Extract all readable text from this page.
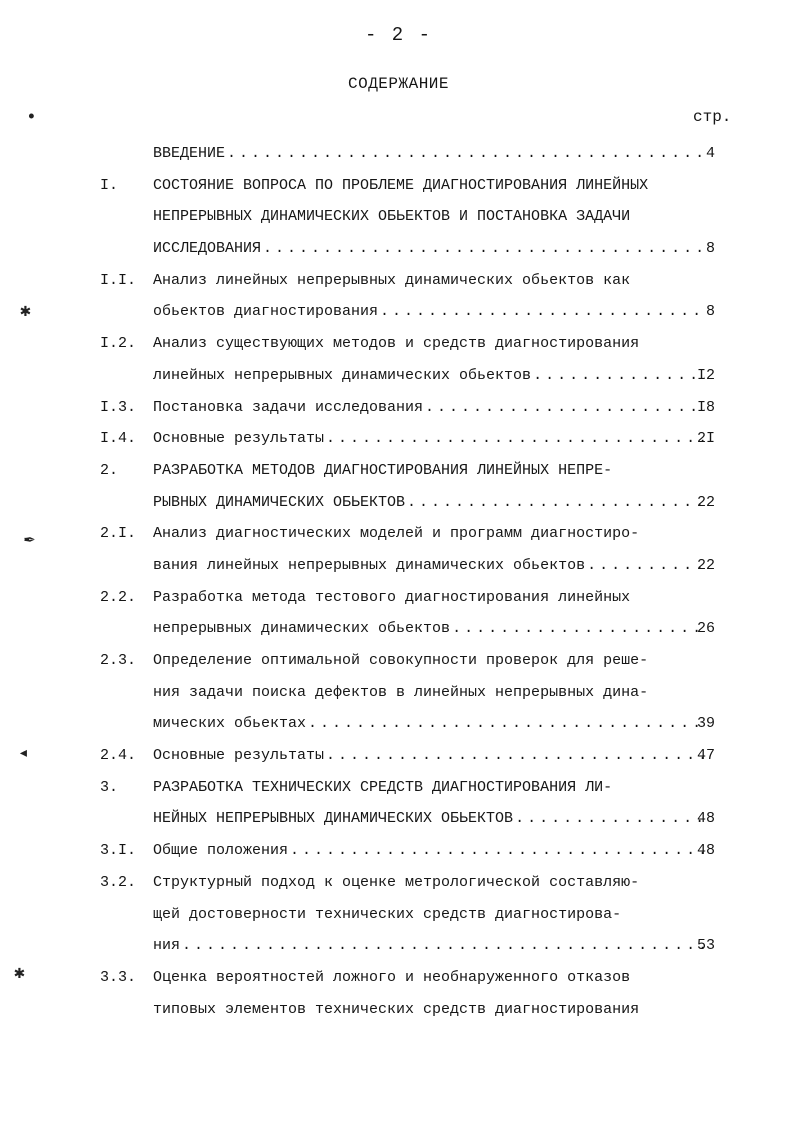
- 2 -
СОДЕРЖАНИЕ
стр.
ВВЕДЕНИЕ .....	4
I.	СОСТОЯНИЕ ВОПРОСА ПО ПРОБЛЕМЕ ДИАГНОСТИРОВАНИЯ ЛИНЕЙНЫХ
НЕПРЕРЫВНЫХ ДИНАМИЧЕСКИХ ОБЬЕКТОВ И ПОСТАНОВКА ЗАДАЧИ
ИССЛЕДОВАНИЯ .....	8
I.I.	Анализ линейных непрерывных динамических обьектов как
обьектов диагностирования .....	8
I.2.	Анализ существующих методов и средств диагностирования
линейных непрерывных динамических обьектов .....	I2
I.3.	Постановка задачи исследования .....	I8
I.4.	Основные результаты .....	2I
2.	РАЗРАБОТКА МЕТОДОВ ДИАГНОСТИРОВАНИЯ ЛИНЕЙНЫХ НЕПРЕ-
РЫВНЫХ ДИНАМИЧЕСКИХ ОБЬЕКТОВ .....	22
2.I.	Анализ диагностических моделей и программ диагностиро-
вания линейных непрерывных динамических обьектов .....	22
2.2.	Разработка метода тестового диагностирования линейных
непрерывных динамических обьектов .....	26
2.3.	Определение оптимальной совокупности проверок для реше-
ния задачи поиска дефектов в линейных непрерывных дина-
мических обьектах .....	39
2.4.	Основные результаты .....	47
3.	РАЗРАБОТКА ТЕХНИЧЕСКИХ СРЕДСТВ ДИАГНОСТИРОВАНИЯ ЛИ-
НЕЙНЫХ НЕПРЕРЫВНЫХ ДИНАМИЧЕСКИХ ОБЬЕКТОВ .....	48
3.I.	Общие положения .....	48
3.2.	Структурный подход к оценке метрологической составляю-
щей достоверности технических средств диагностирова-
ния .....	53
3.3.	Оценка вероятностей ложного и необнаруженного отказов
типовых элементов технических средств диагностирования
•
✱
✒
◂
✱
